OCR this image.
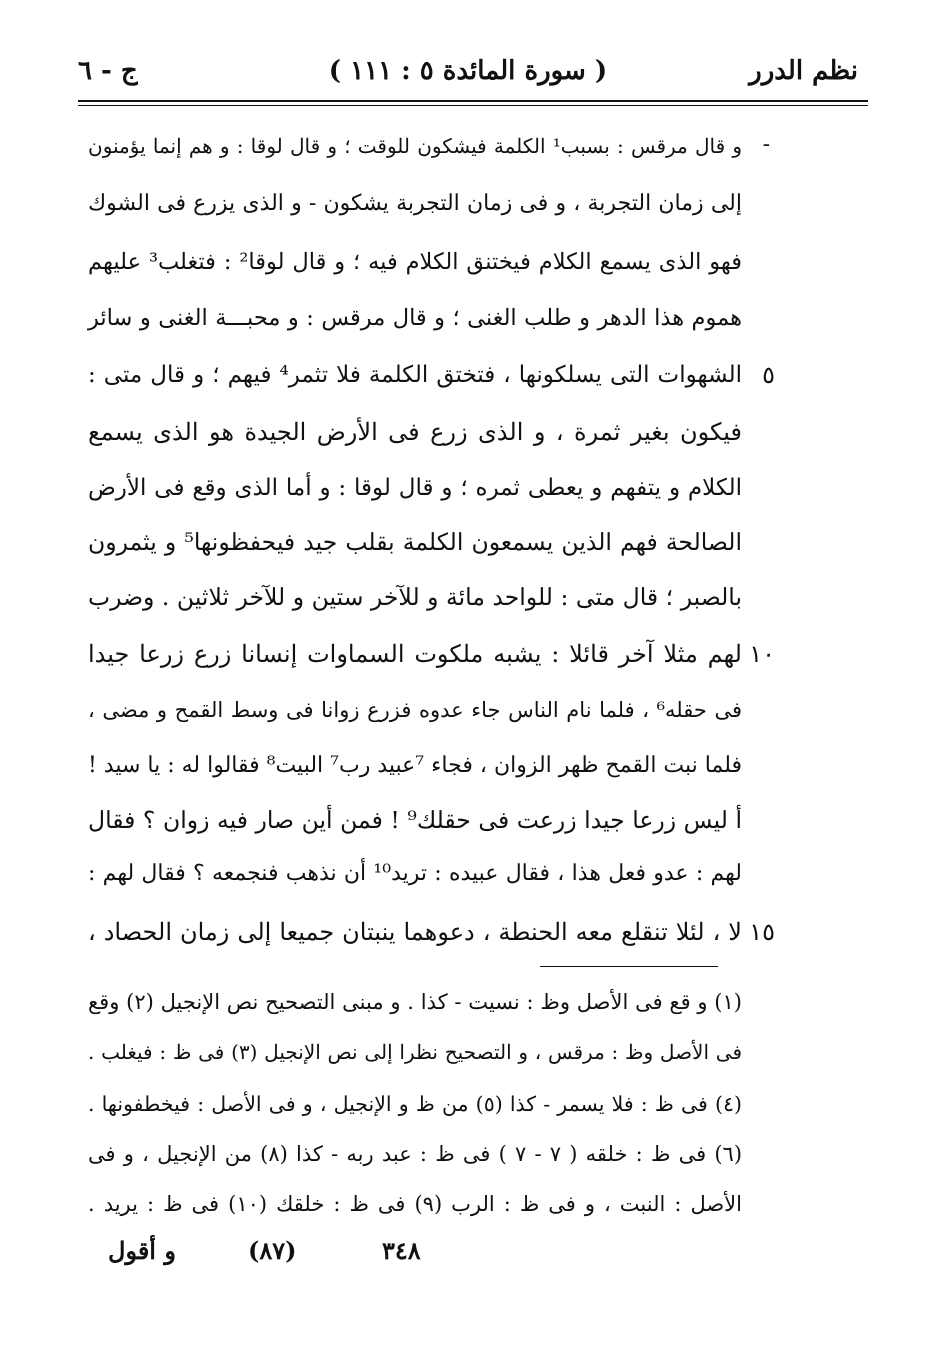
نظم الدرر
( سورة المائدة ٥ : ١١١ )
ج - ٦
-
و قال مرقس : بسبب¹ الكلمة فيشكون للوقت ؛ و قال لوقا : و هم إنما يؤمنون
إلى زمان التجربة ، و فى زمان التجربة يشكون - و الذى يزرع فى الشوك
فهو الذى يسمع الكلام فيختنق الكلام فيه ؛ و قال لوقا² : فتغلب³ عليهم
هموم هذا الدهر و طلب الغنى ؛ و قال مرقس : و محبـــة الغنى و سائر
٥
الشهوات التى يسلكونها ، فتختق الكلمة فلا تثمر⁴ فيهم ؛ و قال متى :
فيكون بغير ثمرة ، و الذى زرع فى الأرض الجيدة هو الذى يسمع
الكلام و يتفهم و يعطى ثمره ؛ و قال لوقا : و أما الذى وقع فى الأرض
الصالحة فهم الذين يسمعون الكلمة بقلب جيد فيحفظونها⁵ و يثمرون
بالصبر ؛ قال متى : للواحد مائة و للآخر ستين و للآخر ثلاثين . وضرب
١٠
لهم مثلا آخر قائلا : يشبه ملكوت السماوات إنسانا زرع زرعا جيدا
فى حقله⁶ ، فلما نام الناس جاء عدوه فزرع زوانا فى وسط القمح و مضى ،
فلما نبت القمح ظهر الزوان ، فجاء ⁷عبيد رب⁷ البيت⁸ فقالوا له : يا سيد !
أ ليس زرعا جيدا زرعت فى حقلك⁹ ! فمن أين صار فيه زوان ؟ فقال
لهم : عدو فعل هذا ، فقال عبيده : تريد¹⁰ أن نذهب فنجمعه ؟ فقال لهم :
١٥
لا ، لئلا تنقلع معه الحنطة ، دعوهما ينبتان جميعا إلى زمان الحصاد ،
(١) و قع فى الأصل وظ : نسيت - كذا . و مبنى التصحيح نص الإنجيل (٢) وقع
فى الأصل وظ : مرقس ، و التصحيح نظرا إلى نص الإنجيل (٣) فى ظ : فيغلب .
(٤) فى ظ : فلا يسمر - كذا (٥) من ظ و الإنجيل ، و فى الأصل : فيخطفونها .
(٦) فى ظ : خلقه ( ٧ - ٧ ) فى ظ : عبد ربه - كذا (٨) من الإنجيل ، و فى
الأصل : النبت ، و فى ظ : الرب (٩) فى ظ : خلقك (١٠) فى ظ : يريد .
و أقول	(٨٧)	٣٤٨
